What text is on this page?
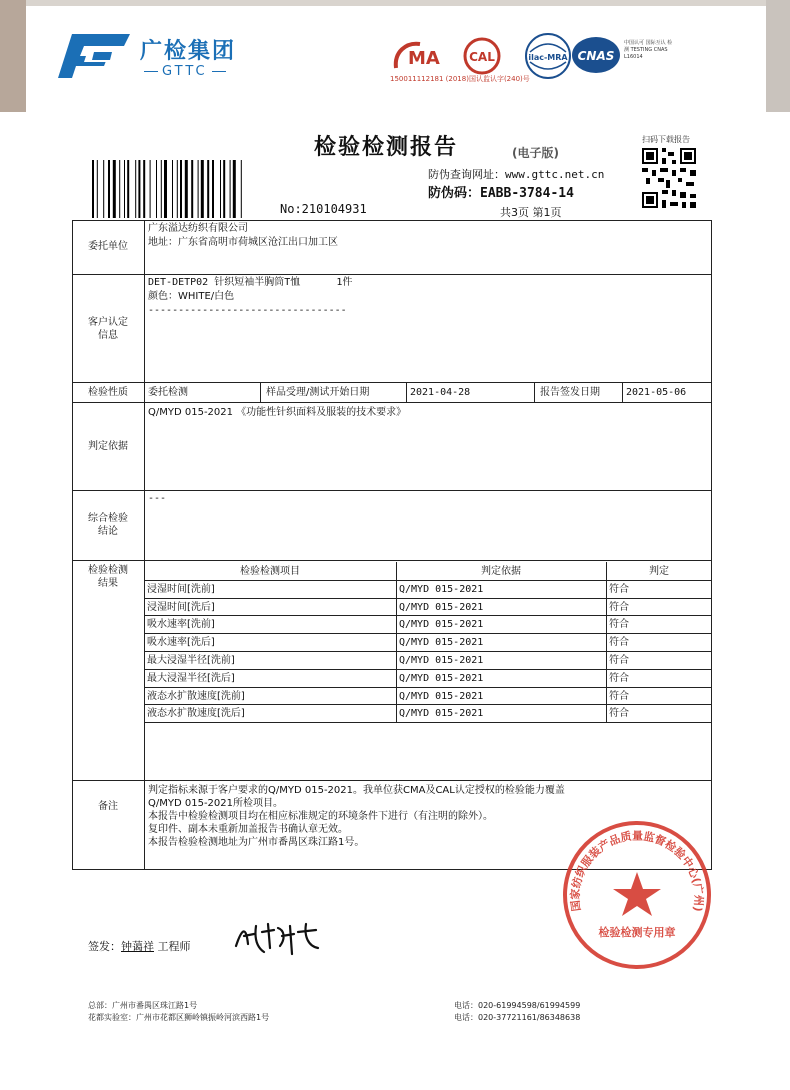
广检集团
GTTC
MA CAL	ilac-MRA CNAS
中国认可 国际互认 检测 TESTING CNAS L16014
150011112181 (2018)国认监认字(240)号
检验检测报告	(电子版)
扫码下载报告
防伪查询网址：www.gttc.net.cn
防伪码：EABB-3784-14
No:210104931	共3页 第1页
委托单位
广东溢达纺织有限公司
地址：广东省高明市荷城区沧江出口加工区
客户认定
信息
DET-DETP02 针织短袖半胸筒T恤      1件
颜色：WHITE/白色
---------------------------------
检验性质	委托检测	样品受理/测试开始日期	2021-04-28	报告签发日期	2021-05-06
判定依据
Q/MYD 015-2021 《功能性针织面料及服装的技术要求》
综合检验
结论
---
检验检测
结果
检验检测项目	判定依据	判定
浸湿时间[洗前]	Q/MYD 015-2021	符合
浸湿时间[洗后]	Q/MYD 015-2021	符合
吸水速率[洗前]	Q/MYD 015-2021	符合
吸水速率[洗后]	Q/MYD 015-2021	符合
最大浸湿半径[洗前]	Q/MYD 015-2021	符合
最大浸湿半径[洗后]	Q/MYD 015-2021	符合
液态水扩散速度[洗前]	Q/MYD 015-2021	符合
液态水扩散速度[洗后]	Q/MYD 015-2021	符合
备注
判定指标来源于客户要求的Q/MYD 015-2021。我单位获CMA及CAL认定授权的检验能力覆盖
Q/MYD 015-2021所检项目。
本报告中检验检测项目均在相应标准规定的环境条件下进行（有注明的除外）。
复印件、副本未重新加盖报告书确认章无效。
本报告检验检测地址为广州市番禺区珠江路1号。
国家纺织服装产品质量监督检验中心(广州)
检验检测专用章
签发：钟蔼祥 工程师
总部：广州市番禺区珠江路1号
花都实验室：广州市花都区狮岭镇振岭河滨西路1号
电话：020-61994598/61994599
电话：020-37721161/86348638
